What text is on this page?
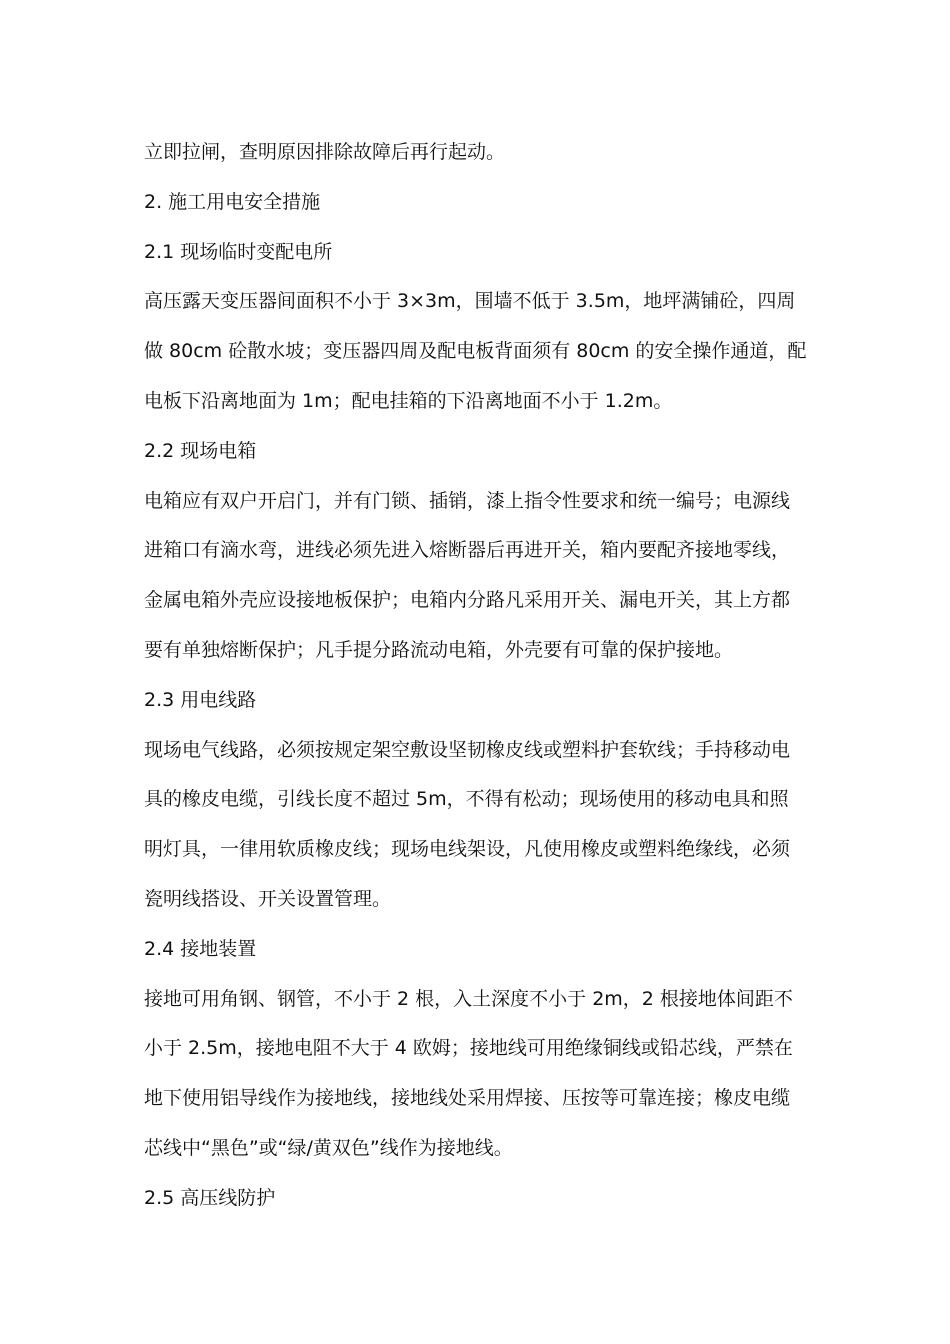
立即拉闸，查明原因排除故障后再行起动。
2. 施工用电安全措施
2.1 现场临时变配电所
高压露天变压器间面积不小于 3×3m，围墙不低于 3.5m，地坪满铺砼，四周
做 80cm 砼散水坡；变压器四周及配电板背面须有 80cm 的安全操作通道，配
电板下沿离地面为 1m；配电挂箱的下沿离地面不小于 1.2m。
2.2 现场电箱
电箱应有双户开启门，并有门锁、插销，漆上指令性要求和统一编号；电源线
进箱口有滴水弯，进线必须先进入熔断器后再进开关，箱内要配齐接地零线，
金属电箱外壳应设接地板保护；电箱内分路凡采用开关、漏电开关，其上方都
要有单独熔断保护；凡手提分路流动电箱，外壳要有可靠的保护接地。
2.3 用电线路
现场电气线路，必须按规定架空敷设坚韧橡皮线或塑料护套软线；手持移动电
具的橡皮电缆，引线长度不超过 5m，不得有松动；现场使用的移动电具和照
明灯具，一律用软质橡皮线；现场电线架设，凡使用橡皮或塑料绝缘线，必须
瓷明线搭设、开关设置管理。
2.4 接地装置
接地可用角钢、钢管，不小于 2 根，入土深度不小于 2m，2 根接地体间距不
小于 2.5m，接地电阻不大于 4 欧姆；接地线可用绝缘铜线或铅芯线，严禁在
地下使用铝导线作为接地线，接地线处采用焊接、压按等可靠连接；橡皮电缆
芯线中“黑色”或“绿/黄双色”线作为接地线。
2.5 高压线防护
